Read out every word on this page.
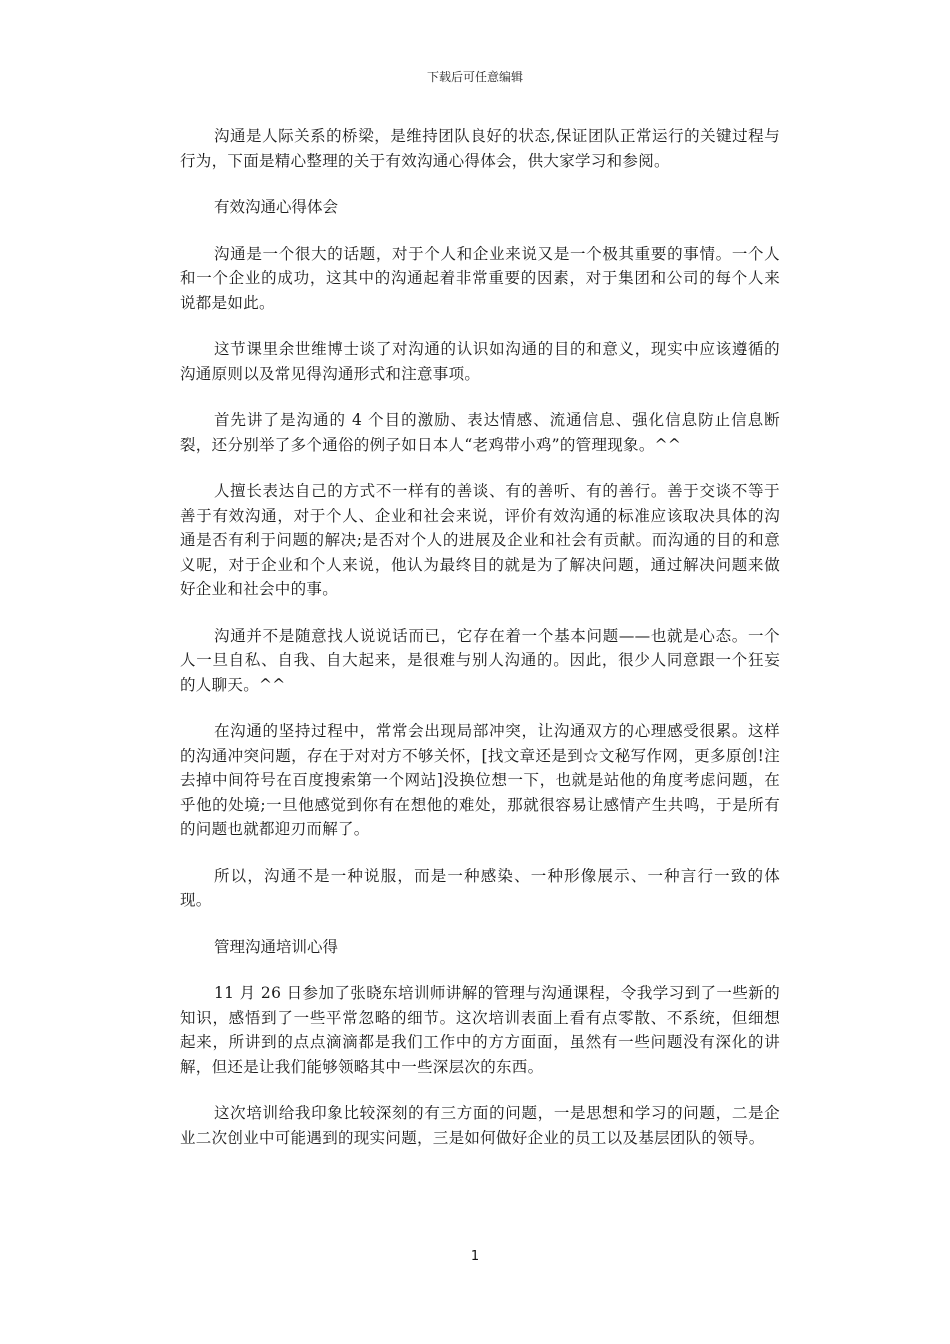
下载后可任意编辑

沟通是人际关系的桥梁，是维持团队良好的状态,保证团队正常运行的关键过程与行为，下面是精心整理的关于有效沟通心得体会，供大家学习和参阅。

有效沟通心得体会

沟通是一个很大的话题，对于个人和企业来说又是一个极其重要的事情。一个人和一个企业的成功，这其中的沟通起着非常重要的因素，对于集团和公司的每个人来说都是如此。

这节课里余世维博士谈了对沟通的认识如沟通的目的和意义，现实中应该遵循的沟通原则以及常见得沟通形式和注意事项。

首先讲了是沟通的 4 个目的激励、表达情感、流通信息、强化信息防止信息断裂，还分别举了多个通俗的例子如日本人“老鸡带小鸡”的管理现象。^^

人擅长表达自己的方式不一样有的善谈、有的善听、有的善行。善于交谈不等于善于有效沟通，对于个人、企业和社会来说，评价有效沟通的标准应该取决具体的沟通是否有利于问题的解决;是否对个人的进展及企业和社会有贡献。而沟通的目的和意义呢，对于企业和个人来说，他认为最终目的就是为了解决问题，通过解决问题来做好企业和社会中的事。

沟通并不是随意找人说说话而已，它存在着一个基本问题——也就是心态。一个人一旦自私、自我、自大起来，是很难与别人沟通的。因此，很少人同意跟一个狂妄的人聊天。^^

在沟通的坚持过程中，常常会出现局部冲突，让沟通双方的心理感受很累。这样的沟通冲突问题，存在于对对方不够关怀，[找文章还是到☆文秘写作网，更多原创!注去掉中间符号在百度搜索第一个网站]没换位想一下，也就是站他的角度考虑问题，在乎他的处境;一旦他感觉到你有在想他的难处，那就很容易让感情产生共鸣，于是所有的问题也就都迎刃而解了。

所以，沟通不是一种说服，而是一种感染、一种形像展示、一种言行一致的体现。

管理沟通培训心得

11 月 26 日参加了张晓东培训师讲解的管理与沟通课程，令我学习到了一些新的知识，感悟到了一些平常忽略的细节。这次培训表面上看有点零散、不系统，但细想起来，所讲到的点点滴滴都是我们工作中的方方面面，虽然有一些问题没有深化的讲解，但还是让我们能够领略其中一些深层次的东西。

这次培训给我印象比较深刻的有三方面的问题，一是思想和学习的问题，二是企业二次创业中可能遇到的现实问题，三是如何做好企业的员工以及基层团队的领导。

1
